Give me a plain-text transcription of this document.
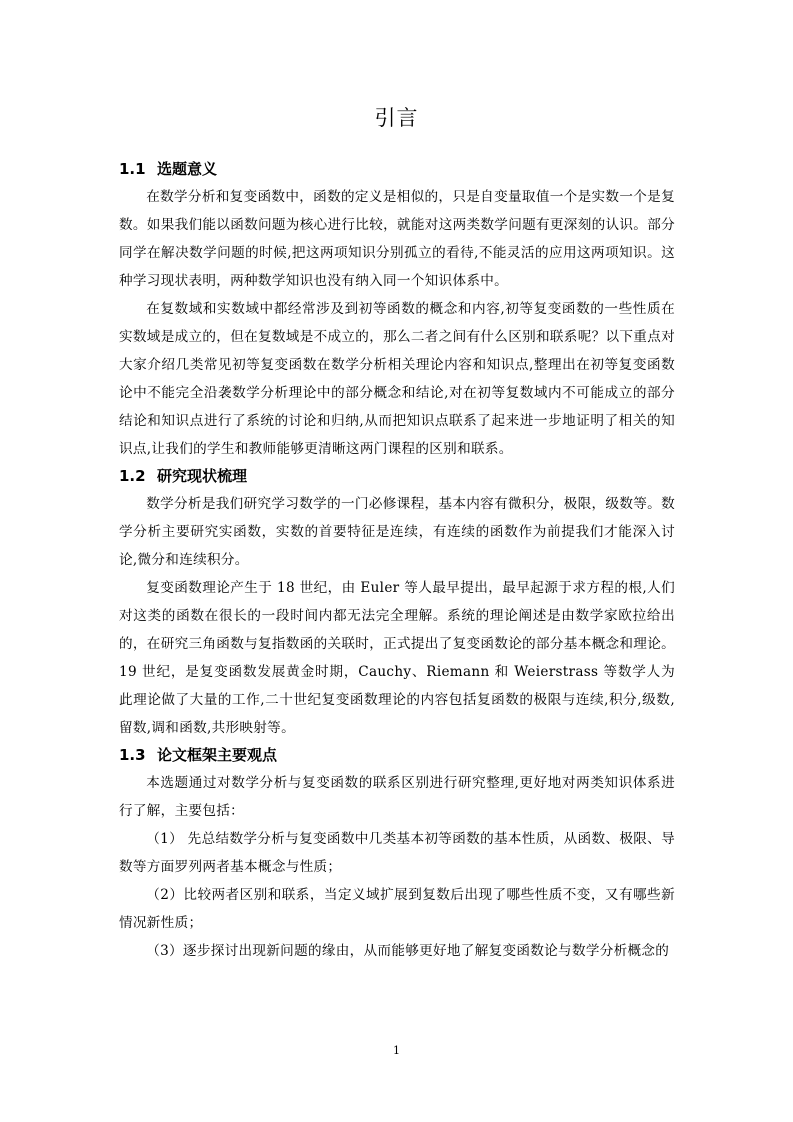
引言
1.1 选题意义

在数学分析和复变函数中，函数的定义是相似的，只是自变量取值一个是实数一个是复数。如果我们能以函数问题为核心进行比较，就能对这两类数学问题有更深刻的认识。部分同学在解决数学问题的时候,把这两项知识分别孤立的看待,不能灵活的应用这两项知识。这种学习现状表明，两种数学知识也没有纳入同一个知识体系中。

在复数域和实数域中都经常涉及到初等函数的概念和内容,初等复变函数的一些性质在实数域是成立的，但在复数域是不成立的，那么二者之间有什么区别和联系呢？以下重点对大家介绍几类常见初等复变函数在数学分析相关理论内容和知识点,整理出在初等复变函数论中不能完全沿袭数学分析理论中的部分概念和结论,对在初等复数域内不可能成立的部分结论和知识点进行了系统的讨论和归纳,从而把知识点联系了起来进一步地证明了相关的知识点,让我们的学生和教师能够更清晰这两门课程的区别和联系。

1.2 研究现状梳理

数学分析是我们研究学习数学的一门必修课程，基本内容有微积分，极限，级数等。数学分析主要研究实函数，实数的首要特征是连续，有连续的函数作为前提我们才能深入讨论,微分和连续积分。

复变函数理论产生于 18 世纪，由 Euler 等人最早提出，最早起源于求方程的根,人们对这类的函数在很长的一段时间内都无法完全理解。系统的理论阐述是由数学家欧拉给出的，在研究三角函数与复指数函的关联时，正式提出了复变函数论的部分基本概念和理论。19 世纪，是复变函数发展黄金时期，Cauchy、Riemann 和 Weierstrass 等数学人为此理论做了大量的工作,二十世纪复变函数理论的内容包括复函数的极限与连续,积分,级数,留数,调和函数,共形映射等。

1.3 论文框架主要观点

本选题通过对数学分析与复变函数的联系区别进行研究整理,更好地对两类知识体系进行了解，主要包括：

（1） 先总结数学分析与复变函数中几类基本初等函数的基本性质，从函数、极限、导数等方面罗列两者基本概念与性质；

（2）比较两者区别和联系，当定义域扩展到复数后出现了哪些性质不变，又有哪些新情况新性质；

（3）逐步探讨出现新问题的缘由，从而能够更好地了解复变函数论与数学分析概念的

1
